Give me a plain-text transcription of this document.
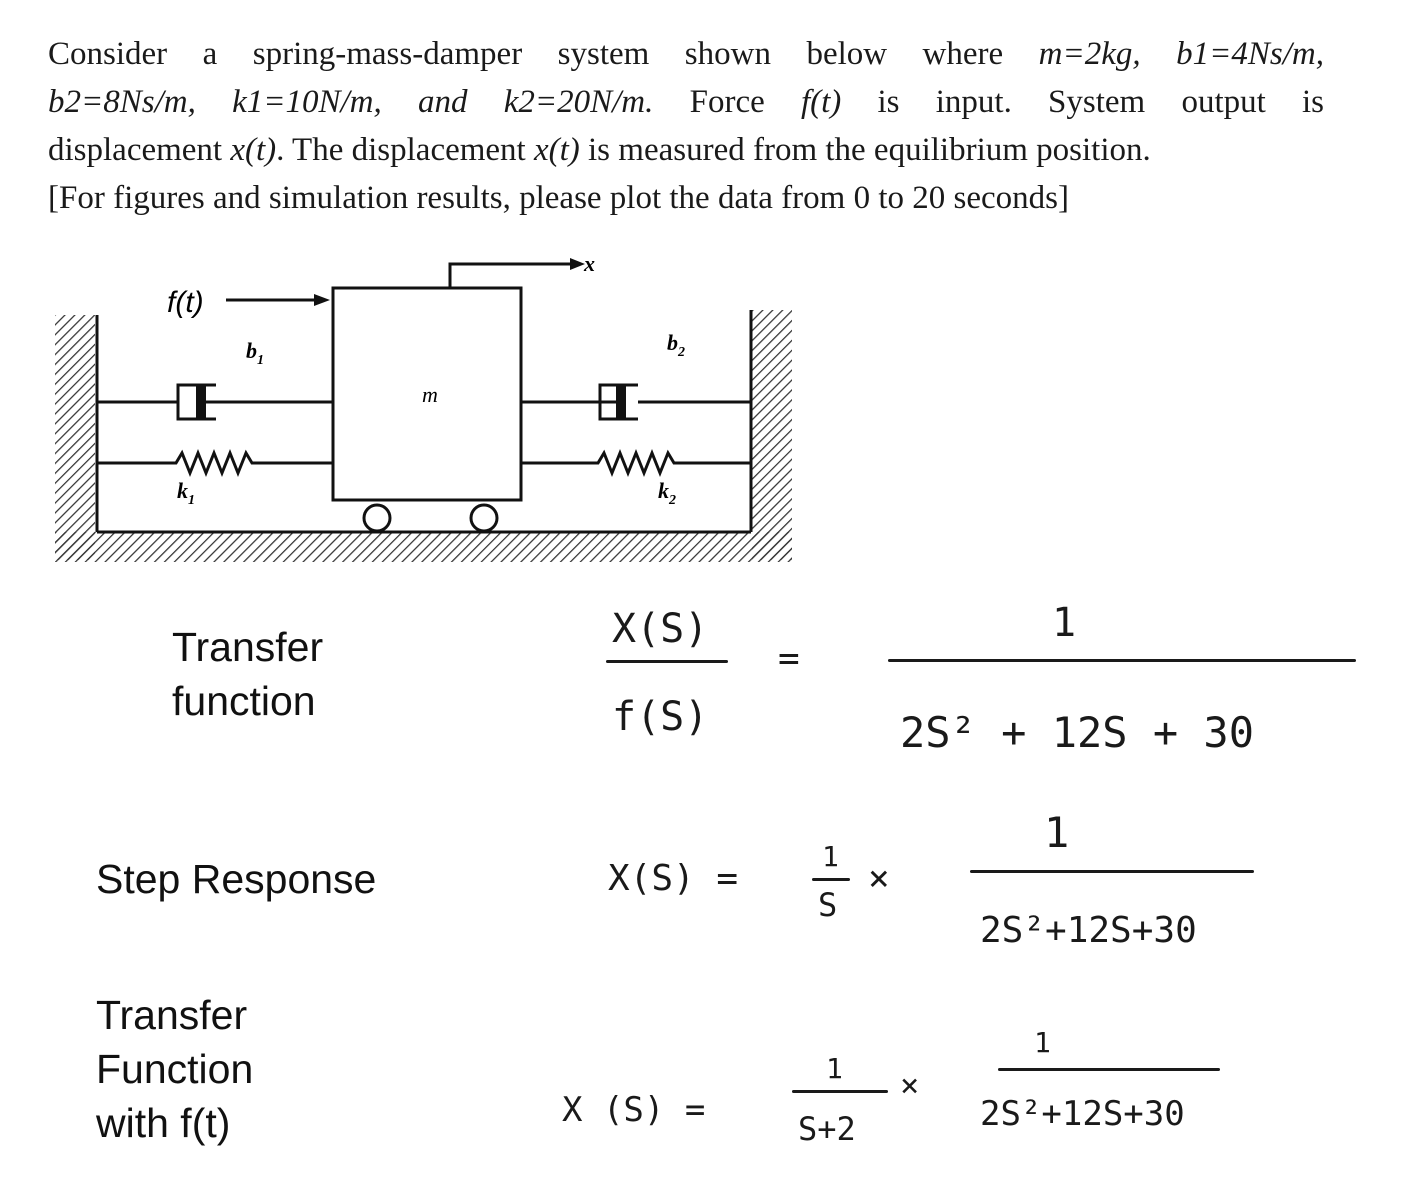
Consider a spring-mass-damper system shown below where m=2kg, b1=4Ns/m,

b2=8Ns/m, k1=10N/m, and k2=20N/m. Force f(t) is input. System output is

displacement x(t). The displacement x(t) is measured from the equilibrium position.

[For figures and simulation results, please plot the data from 0 to 20 seconds]

m
x
f(t)
$b_1$
$k_1$
$b_2$
$k_2$
Transfer
function
X(S)
f(S)
=
1
2S² + 12S + 30
Step Response	X(S) =
1
S
×
1
2S²+12S+30
Transfer
Function
with f(t)	X (S) =
1
S+2
×
1
2S²+12S+30
